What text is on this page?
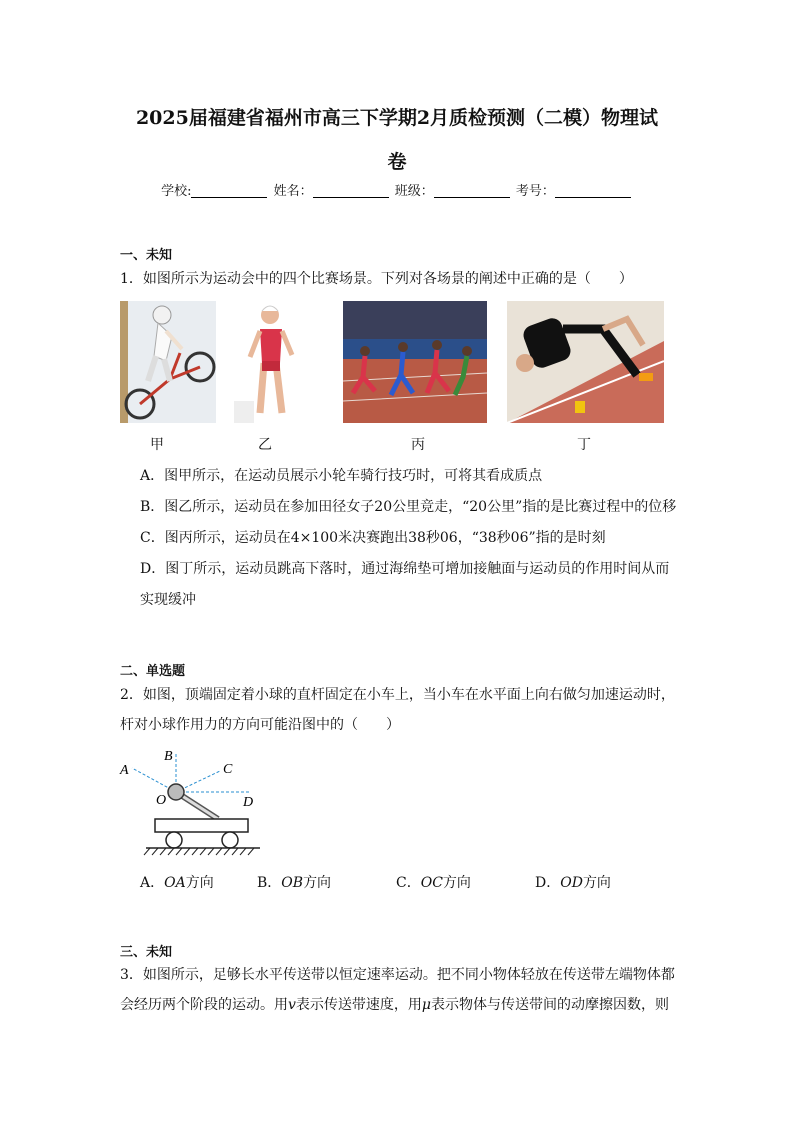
2025届福建省福州市高三下学期2月质检预测（二模）物理试
卷
学校:	姓名：	班级：	考号：
一、未知
1．如图所示为运动会中的四个比赛场景。下列对各场景的阐述中正确的是（　　）
甲	乙	丙	丁
A．图甲所示，在运动员展示小轮车骑行技巧时，可将其看成质点
B．图乙所示，运动员在参加田径女子20公里竞走，“20公里”指的是比赛过程中的位移
C．图丙所示，运动员在4×100米决赛跑出38秒06，“38秒06”指的是时刻
D．图丁所示，运动员跳高下落时，通过海绵垫可增加接触面与运动员的作用时间从而
实现缓冲
二、单选题
2．如图，顶端固定着小球的直杆固定在小车上，当小车在水平面上向右做匀加速运动时，
杆对小球作用力的方向可能沿图中的（　　）
A
B
C
D
O
A．OA方向	B．OB方向	C．OC方向	D．OD方向
三、未知
3．如图所示，足够长水平传送带以恒定速率运动。把不同小物体轻放在传送带左端物体都
会经历两个阶段的运动。用v表示传送带速度，用μ表示物体与传送带间的动摩擦因数，则
